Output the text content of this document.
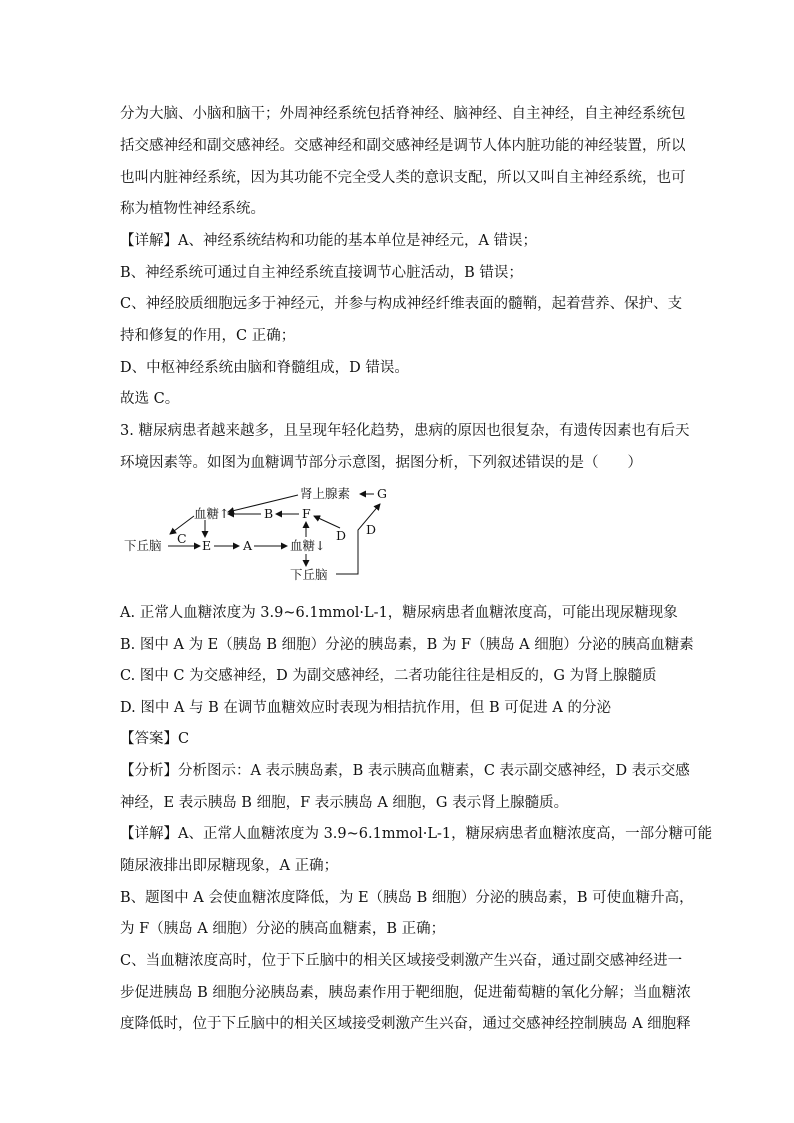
分为大脑、小脑和脑干；外周神经系统包括脊神经、脑神经、自主神经，自主神经系统包
括交感神经和副交感神经。交感神经和副交感神经是调节人体内脏功能的神经装置，所以
也叫内脏神经系统，因为其功能不完全受人类的意识支配，所以又叫自主神经系统，也可
称为植物性神经系统。
【详解】A、神经系统结构和功能的基本单位是神经元，A 错误；
B、神经系统可通过自主神经系统直接调节心脏活动，B 错误；
C、神经胶质细胞远多于神经元，并参与构成神经纤维表面的髓鞘，起着营养、保护、支
持和修复的作用，C 正确；
D、中枢神经系统由脑和脊髓组成，D 错误。
故选 C。
3. 糖尿病患者越来越多，且呈现年轻化趋势，患病的原因也很复杂，有遗传因素也有后天
环境因素等。如图为血糖调节部分示意图，据图分析，下列叙述错误的是（　　）
肾上腺素 G
血糖↑	B F
D
D
C
下丘脑	E	A	血糖↓
下丘脑
A. 正常人血糖浓度为 3.9~6.1mmol·L-1，糖尿病患者血糖浓度高，可能出现尿糖现象
B. 图中 A 为 E（胰岛 B 细胞）分泌的胰岛素，B 为 F（胰岛 A 细胞）分泌的胰高血糖素
C. 图中 C 为交感神经，D 为副交感神经，二者功能往往是相反的，G 为肾上腺髓质
D. 图中 A 与 B 在调节血糖效应时表现为相拮抗作用，但 B 可促进 A 的分泌
【答案】C
【分析】分析图示：A 表示胰岛素，B 表示胰高血糖素，C 表示副交感神经，D 表示交感
神经，E 表示胰岛 B 细胞，F 表示胰岛 A 细胞，G 表示肾上腺髓质。
【详解】A、正常人血糖浓度为 3.9~6.1mmol·L-1，糖尿病患者血糖浓度高，一部分糖可能
随尿液排出即尿糖现象，A 正确；
B、题图中 A 会使血糖浓度降低，为 E（胰岛 B 细胞）分泌的胰岛素，B 可使血糖升高，
为 F（胰岛 A 细胞）分泌的胰高血糖素，B 正确；
C、当血糖浓度高时，位于下丘脑中的相关区域接受刺激产生兴奋，通过副交感神经进一
步促进胰岛 B 细胞分泌胰岛素，胰岛素作用于靶细胞，促进葡萄糖的氧化分解；当血糖浓
度降低时，位于下丘脑中的相关区域接受刺激产生兴奋，通过交感神经控制胰岛 A 细胞释
